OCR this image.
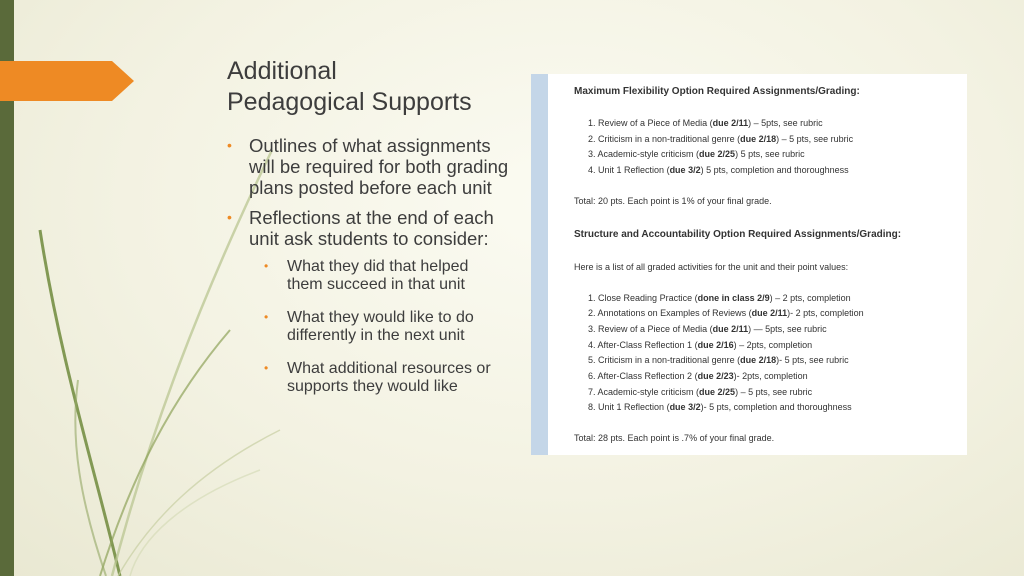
Additional
Pedagogical Supports
• Outlines of what assignments will be required for both grading plans posted before each unit
• Reflections at the end of each unit ask students to consider:
• What they did that helped them succeed in that unit
• What they would like to do differently in the next unit
• What additional resources or supports they would like
Maximum Flexibility Option Required Assignments/Grading:
1. Review of a Piece of Media (due 2/11) – 5pts, see rubric
2. Criticism in a non-traditional genre (due 2/18) – 5 pts, see rubric
3. Academic-style criticism (due 2/25) 5 pts, see rubric
4. Unit 1 Reflection (due 3/2) 5 pts, completion and thoroughness
Total: 20 pts. Each point is 1% of your final grade.
Structure and Accountability Option Required Assignments/Grading:
Here is a list of all graded activities for the unit and their point values:
1. Close Reading Practice (done in class 2/9) – 2 pts, completion
2. Annotations on Examples of Reviews (due 2/11)- 2 pts, completion
3. Review of a Piece of Media (due 2/11) — 5pts, see rubric
4. After-Class Reflection 1 (due 2/16) – 2pts, completion
5. Criticism in a non-traditional genre (due 2/18)- 5 pts, see rubric
6. After-Class Reflection 2 (due 2/23)- 2pts, completion
7. Academic-style criticism (due 2/25) – 5 pts, see rubric
8. Unit 1 Reflection (due 3/2)- 5 pts, completion and thoroughness
Total: 28 pts. Each point is .7% of your final grade.
